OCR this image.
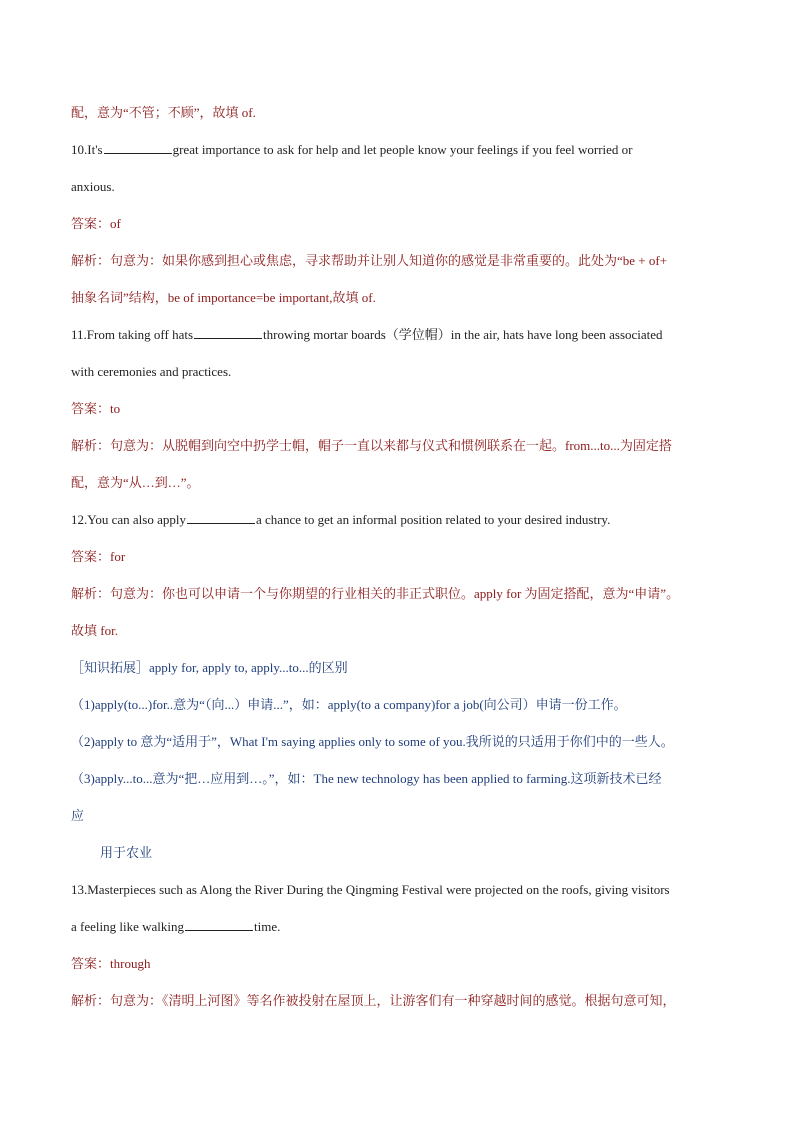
配，意为“不管；不顾”，故填 of.
10.It's	great importance to ask for help and let people know your feelings if you feel worried or
anxious.
答案：of
解析：句意为：如果你感到担心或焦虑，寻求帮助并让别人知道你的感觉是非常重要的。此处为“be + of+
抽象名词”结构，be of importance=be important,故填 of.
11.From taking off hats	throwing mortar boards（学位帽）in the air, hats have long been associated
with ceremonies and practices.
答案：to
解析：句意为：从脱帽到向空中扔学士帽，帽子一直以来都与仪式和惯例联系在一起。from...to...为固定搭
配，意为“从…到…”。
12.You can also apply	a chance to get an informal position related to your desired industry.
答案：for
解析：句意为：你也可以申请一个与你期望的行业相关的非正式职位。apply for 为固定搭配，意为“申请”。
故填 for.
［知识拓展］apply for, apply to, apply...to...的区别
（1)apply(to...)for..意为“（向...）申请...”，如：apply(to a company)for a job(向公司）申请一份工作。
（2)apply to 意为“适用于”，What I'm saying applies only to some of you.我所说的只适用于你们中的一些人。
（3)apply...to...意为“把…应用到…。”，如：The new technology has been applied to farming.这项新技术已经
应
用于农业
13.Masterpieces such as Along the River During the Qingming Festival were projected on the roofs, giving visitors
a feeling like walking	time.
答案：through
解析：句意为：《清明上河图》等名作被投射在屋顶上，让游客们有一种穿越时间的感觉。根据句意可知，
